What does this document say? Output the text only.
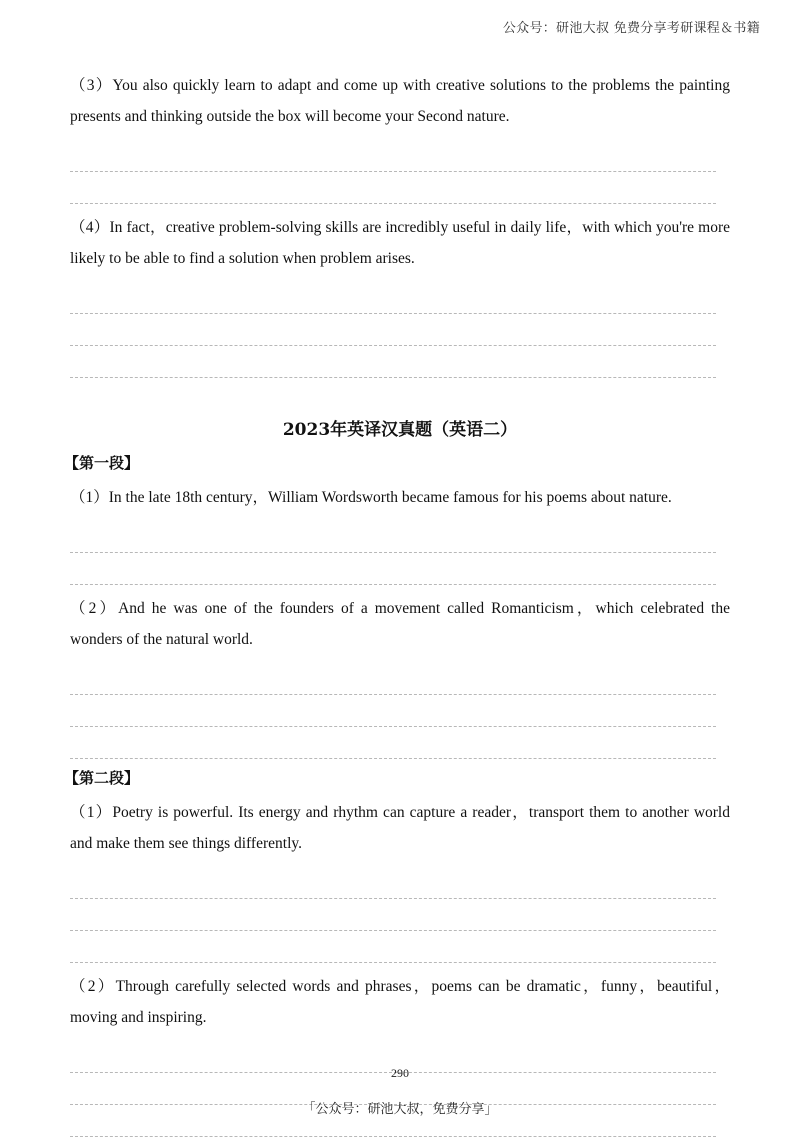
公众号：研池大叔 免费分享考研课程＆书籍

（3）You also quickly learn to adapt and come up with creative solutions to the problems the painting presents and thinking outside the box will become your Second nature.

（4）In fact，creative problem-solving skills are incredibly useful in daily life，with which you're more likely to be able to find a solution when problem arises.

2023年英译汉真题（英语二）
【第一段】

（1）In the late 18th century，William Wordsworth became famous for his poems about nature.

（2）And he was one of the founders of a movement called Romanticism，which celebrated the wonders of the natural world.

【第二段】

（1）Poetry is powerful. Its energy and rhythm can capture a reader，transport them to another world and make them see things differently.

（2）Through carefully selected words and phrases，poems can be dramatic，funny，beautiful，moving and inspiring.

290
「公众号：研池大叔，免费分享」
